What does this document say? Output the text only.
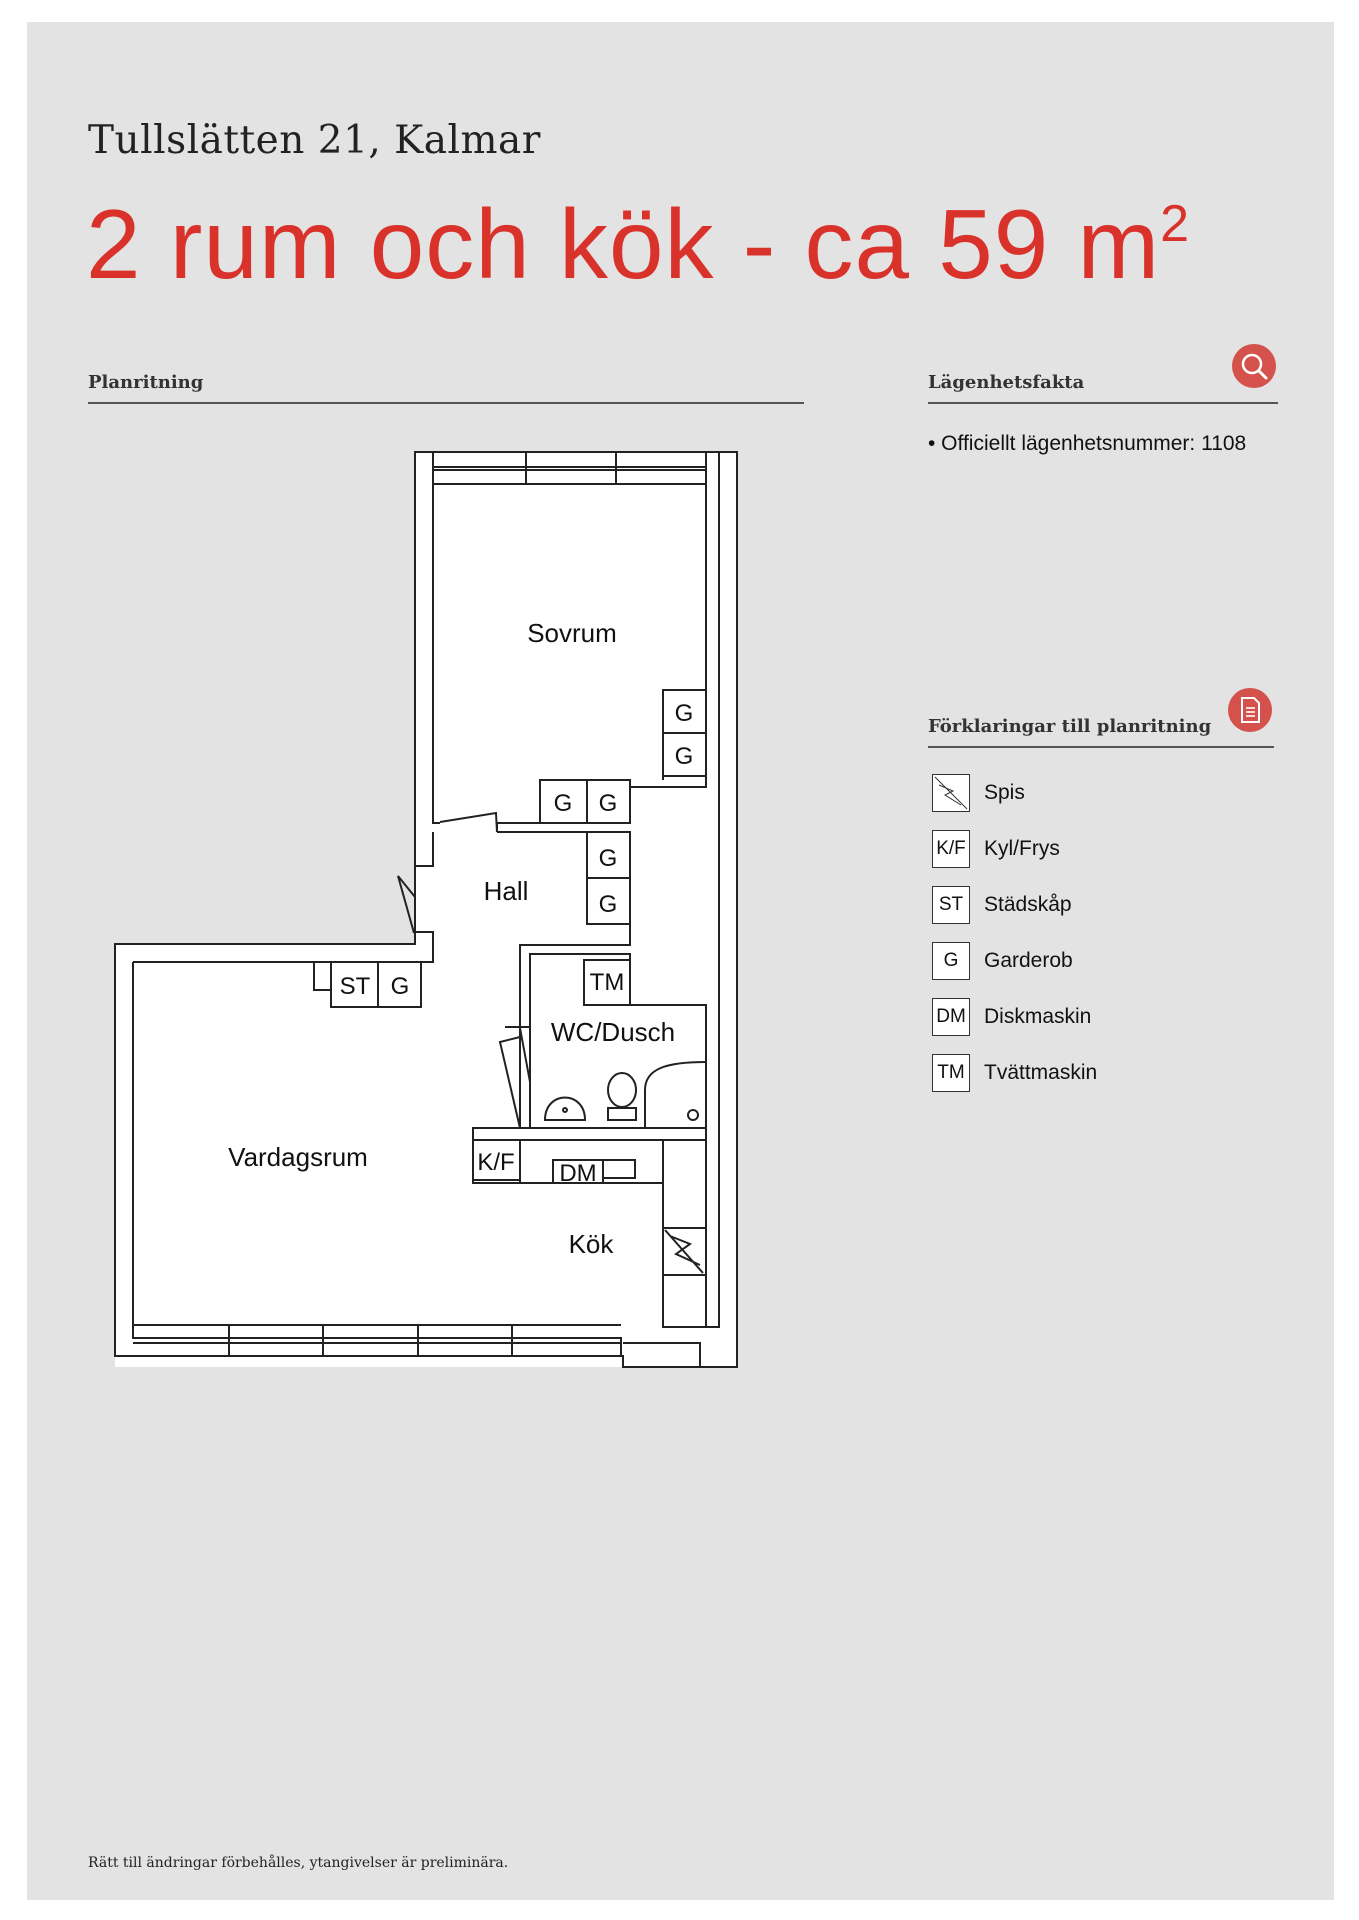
Tullslätten 21, Kalmar
2 rum och kök - ca 59 $m^2$
Planritning	Lägenhetsfakta
• Officiellt lägenhetsnummer: 1108
Förklaringar till planritning
Spis
K/F Kyl/Frys
ST Städskåp
G	Garderob
DM Diskmaskin
TM Tvättmaskin
Sovrum
Hall
WC/Dusch
Vardagsrum
Kök
G
G
G G
G
G
ST G	TM
K/F DM
Rätt till ändringar förbehålles, ytangivelser är preliminära.
